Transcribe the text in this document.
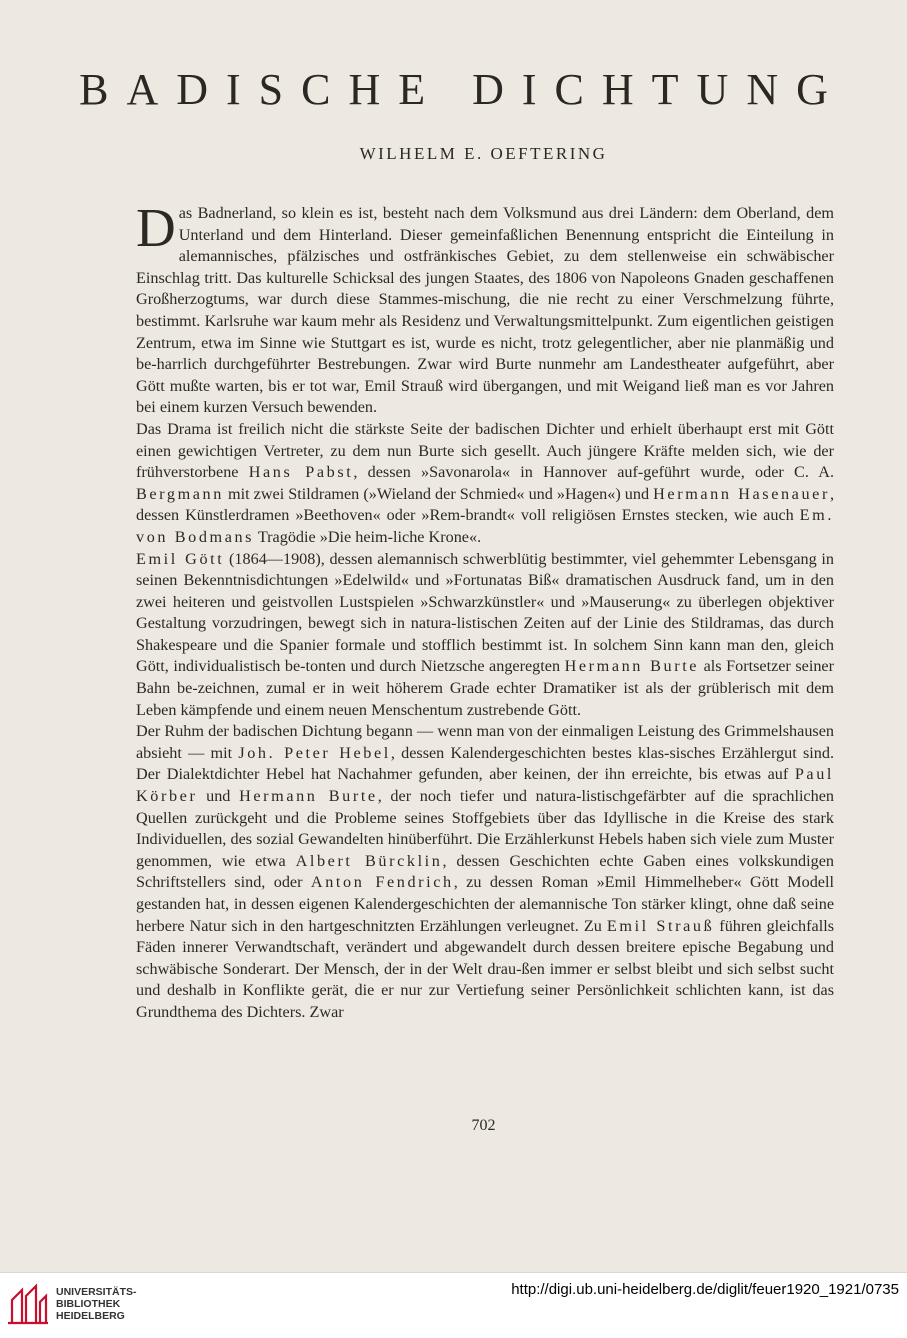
BADISCHE DICHTUNG
WILHELM E. OEFTERING

Das Badnerland, so klein es ist, besteht nach dem Volksmund aus drei Ländern: dem Oberland, dem Unterland und dem Hinterland. Dieser gemeinfaßlichen Benennung entspricht die Einteilung in alemannisches, pfälzisches und ostfränkisches Gebiet, zu dem stellenweise ein schwäbischer Einschlag tritt. Das kulturelle Schicksal des jungen Staates, des 1806 von Napoleons Gnaden geschaffenen Großherzogtums, war durch diese Stammes-mischung, die nie recht zu einer Verschmelzung führte, bestimmt. Karlsruhe war kaum mehr als Residenz und Verwaltungsmittelpunkt. Zum eigentlichen geistigen Zentrum, etwa im Sinne wie Stuttgart es ist, wurde es nicht, trotz gelegentlicher, aber nie planmäßig und be-harrlich durchgeführter Bestrebungen. Zwar wird Burte nunmehr am Landestheater aufgeführt, aber Gött mußte warten, bis er tot war, Emil Strauß wird übergangen, und mit Weigand ließ man es vor Jahren bei einem kurzen Versuch bewenden.

Das Drama ist freilich nicht die stärkste Seite der badischen Dichter und erhielt überhaupt erst mit Gött einen gewichtigen Vertreter, zu dem nun Burte sich gesellt. Auch jüngere Kräfte melden sich, wie der frühverstorbene Hans Pabst, dessen »Savonarola« in Hannover auf-geführt wurde, oder C. A. Bergmann mit zwei Stildramen (»Wieland der Schmied« und »Hagen«) und Hermann Hasenauer, dessen Künstlerdramen »Beethoven« oder »Rem-brandt« voll religiösen Ernstes stecken, wie auch Em. von Bodmans Tragödie »Die heim-liche Krone«.

Emil Gött (1864—1908), dessen alemannisch schwerblütig bestimmter, viel gehemmter Lebensgang in seinen Bekenntnisdichtungen »Edelwild« und »Fortunatas Biß« dramatischen Ausdruck fand, um in den zwei heiteren und geistvollen Lustspielen »Schwarzkünstler« und »Mauserung« zu überlegen objektiver Gestaltung vorzudringen, bewegt sich in natura-listischen Zeiten auf der Linie des Stildramas, das durch Shakespeare und die Spanier formale und stofflich bestimmt ist. In solchem Sinn kann man den, gleich Gött, individualistisch be-tonten und durch Nietzsche angeregten Hermann Burte als Fortsetzer seiner Bahn be-zeichnen, zumal er in weit höherem Grade echter Dramatiker ist als der grüblerisch mit dem Leben kämpfende und einem neuen Menschentum zustrebende Gött.

Der Ruhm der badischen Dichtung begann — wenn man von der einmaligen Leistung des Grimmelshausen absieht — mit Joh. Peter Hebel, dessen Kalendergeschichten bestes klas-sisches Erzählergut sind. Der Dialektdichter Hebel hat Nachahmer gefunden, aber keinen, der ihn erreichte, bis etwas auf Paul Körber und Hermann Burte, der noch tiefer und natura-listischgefärbter auf die sprachlichen Quellen zurückgeht und die Probleme seines Stoffgebiets über das Idyllische in die Kreise des stark Individuellen, des sozial Gewandelten hinüberführt. Die Erzählerkunst Hebels haben sich viele zum Muster genommen, wie etwa Albert Bürcklin, dessen Geschichten echte Gaben eines volkskundigen Schriftstellers sind, oder Anton Fendrich, zu dessen Roman »Emil Himmelheber« Gött Modell gestanden hat, in dessen eigenen Kalendergeschichten der alemannische Ton stärker klingt, ohne daß seine herbere Natur sich in den hartgeschnitzten Erzählungen verleugnet. Zu Emil Strauß führen gleichfalls Fäden innerer Verwandtschaft, verändert und abgewandelt durch dessen breitere epische Begabung und schwäbische Sonderart. Der Mensch, der in der Welt drau-ßen immer er selbst bleibt und sich selbst sucht und deshalb in Konflikte gerät, die er nur zur Vertiefung seiner Persönlichkeit schlichten kann, ist das Grundthema des Dichters. Zwar

702
UNIVERSITÄTS-
BIBLIOTHEK
HEIDELBERG
http://digi.ub.uni-heidelberg.de/diglit/feuer1920_1921/0735
